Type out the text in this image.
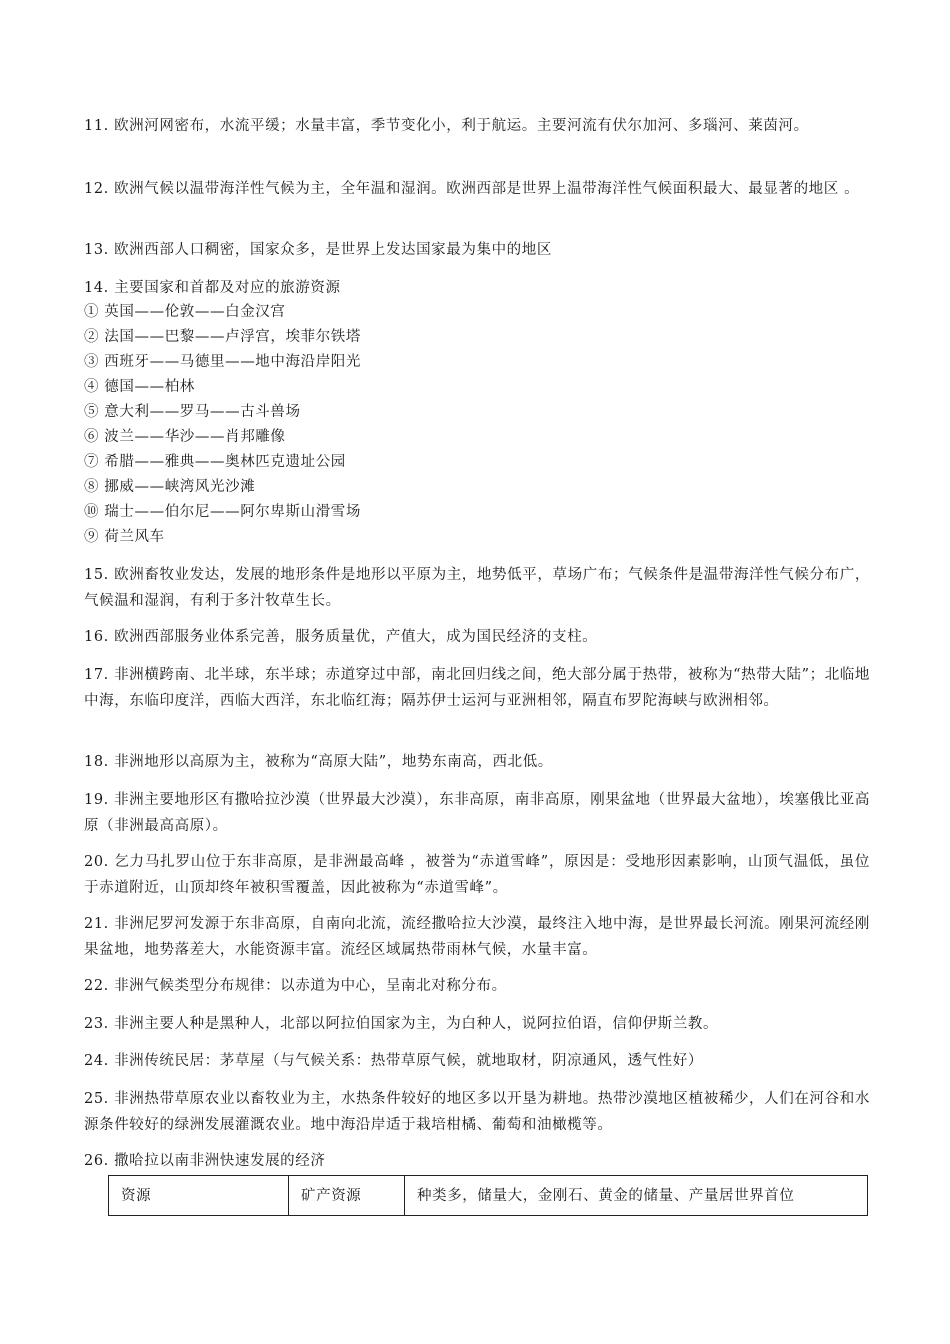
11. 欧洲河网密布，水流平缓；水量丰富，季节变化小，利于航运。主要河流有伏尔加河、多瑙河、莱茵河。

12. 欧洲气候以温带海洋性气候为主，全年温和湿润。欧洲西部是世界上温带海洋性气候面积最大、最显著的地区 。

13. 欧洲西部人口稠密，国家众多，是世界上发达国家最为集中的地区

14. 主要国家和首都及对应的旅游资源

① 英国——伦敦——白金汉宫
② 法国——巴黎——卢浮宫，埃菲尔铁塔
③ 西班牙——马德里——地中海沿岸阳光
④ 德国——柏林
⑤ 意大利——罗马——古斗兽场
⑥ 波兰——华沙——肖邦雕像
⑦ 希腊——雅典——奥林匹克遗址公园
⑧ 挪威——峡湾风光沙滩
⑩ 瑞士——伯尔尼——阿尔卑斯山滑雪场
⑨ 荷兰风车

15. 欧洲畜牧业发达，发展的地形条件是地形以平原为主，地势低平，草场广布；气候条件是温带海洋性气候分布广，气候温和湿润，有利于多汁牧草生长。

16. 欧洲西部服务业体系完善，服务质量优，产值大，成为国民经济的支柱。

17. 非洲横跨南、北半球，东半球；赤道穿过中部，南北回归线之间，绝大部分属于热带，被称为“热带大陆”；北临地中海，东临印度洋，西临大西洋，东北临红海；隔苏伊士运河与亚洲相邻，隔直布罗陀海峡与欧洲相邻。

18. 非洲地形以高原为主，被称为“高原大陆”，地势东南高，西北低。

19. 非洲主要地形区有撒哈拉沙漠（世界最大沙漠），东非高原，南非高原，刚果盆地（世界最大盆地），埃塞俄比亚高原（非洲最高高原）。

20. 乞力马扎罗山位于东非高原，是非洲最高峰 ，被誉为“赤道雪峰”，原因是：受地形因素影响，山顶气温低，虽位于赤道附近，山顶却终年被积雪覆盖，因此被称为“赤道雪峰”。

21. 非洲尼罗河发源于东非高原，自南向北流，流经撒哈拉大沙漠，最终注入地中海，是世界最长河流。刚果河流经刚果盆地，地势落差大，水能资源丰富。流经区域属热带雨林气候，水量丰富。

22. 非洲气候类型分布规律：以赤道为中心，呈南北对称分布。

23. 非洲主要人种是黑种人，北部以阿拉伯国家为主，为白种人，说阿拉伯语，信仰伊斯兰教。

24. 非洲传统民居：茅草屋（与气候关系：热带草原气候，就地取材，阴凉通风，透气性好）

25. 非洲热带草原农业以畜牧业为主，水热条件较好的地区多以开垦为耕地。热带沙漠地区植被稀少，人们在河谷和水源条件较好的绿洲发展灌溉农业。地中海沿岸适于栽培柑橘、葡萄和油橄榄等。

26. 撒哈拉以南非洲快速发展的经济

资源	矿产资源	种类多，储量大，金刚石、黄金的储量、产量居世界首位
